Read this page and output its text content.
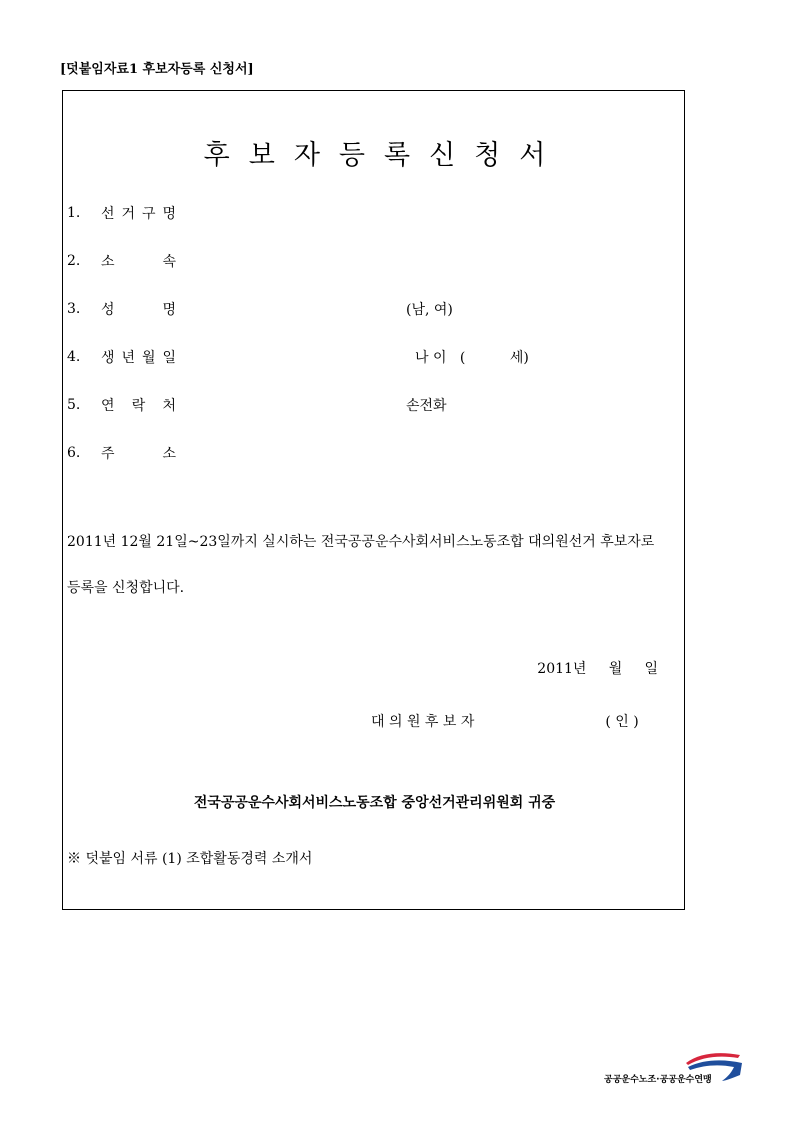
[덧붙임자료1 후보자등록 신청서]
후보자등록신청서
1.	선 거 구 명
2.	소	속
3.	성	명	(남, 여)
4.	생 년 월 일	나 이   (          세)
5.	연 락 처	손전화
6.	주	소
2011년 12월 21일~23일까지 실시하는 전국공공운수사회서비스노동조합 대의원선거 후보자로 등록을 신청합니다.
2011년     월     일
대 의 원 후 보 자	( 인 )
전국공공운수사회서비스노동조합 중앙선거관리위원회 귀중
※ 덧붙임 서류 (1) 조합활동경력 소개서
공공운수노조·공공운수연맹
